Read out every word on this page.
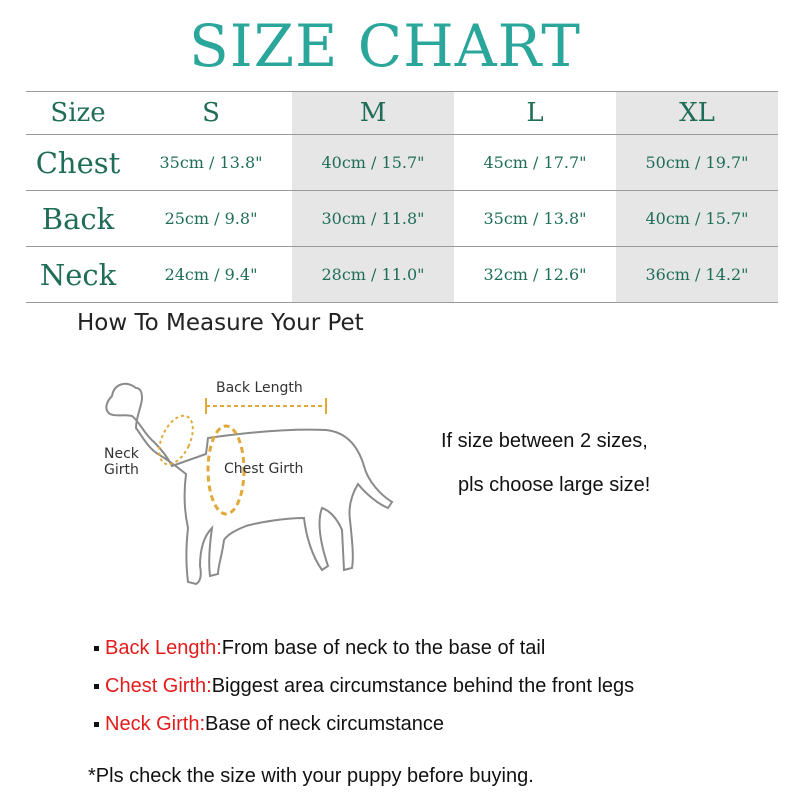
SIZE CHART
Size	S	M	L	XL
Chest	35cm / 13.8"	40cm / 15.7"	45cm / 17.7"	50cm / 19.7"
Back	25cm / 9.8"	30cm / 11.8"	35cm / 13.8"	40cm / 15.7"
Neck	24cm / 9.4"	28cm / 11.0"	32cm / 12.6"	36cm / 14.2"
How To Measure Your Pet
Back Length
Neck
Girth	Chest Girth
If size between 2 sizes,
pls choose large size!
Back Length:From base of neck to the base of tail
Chest Girth:Biggest area circumstance behind the front legs
Neck Girth:Base of neck circumstance
*Pls check the size with your puppy before buying.
